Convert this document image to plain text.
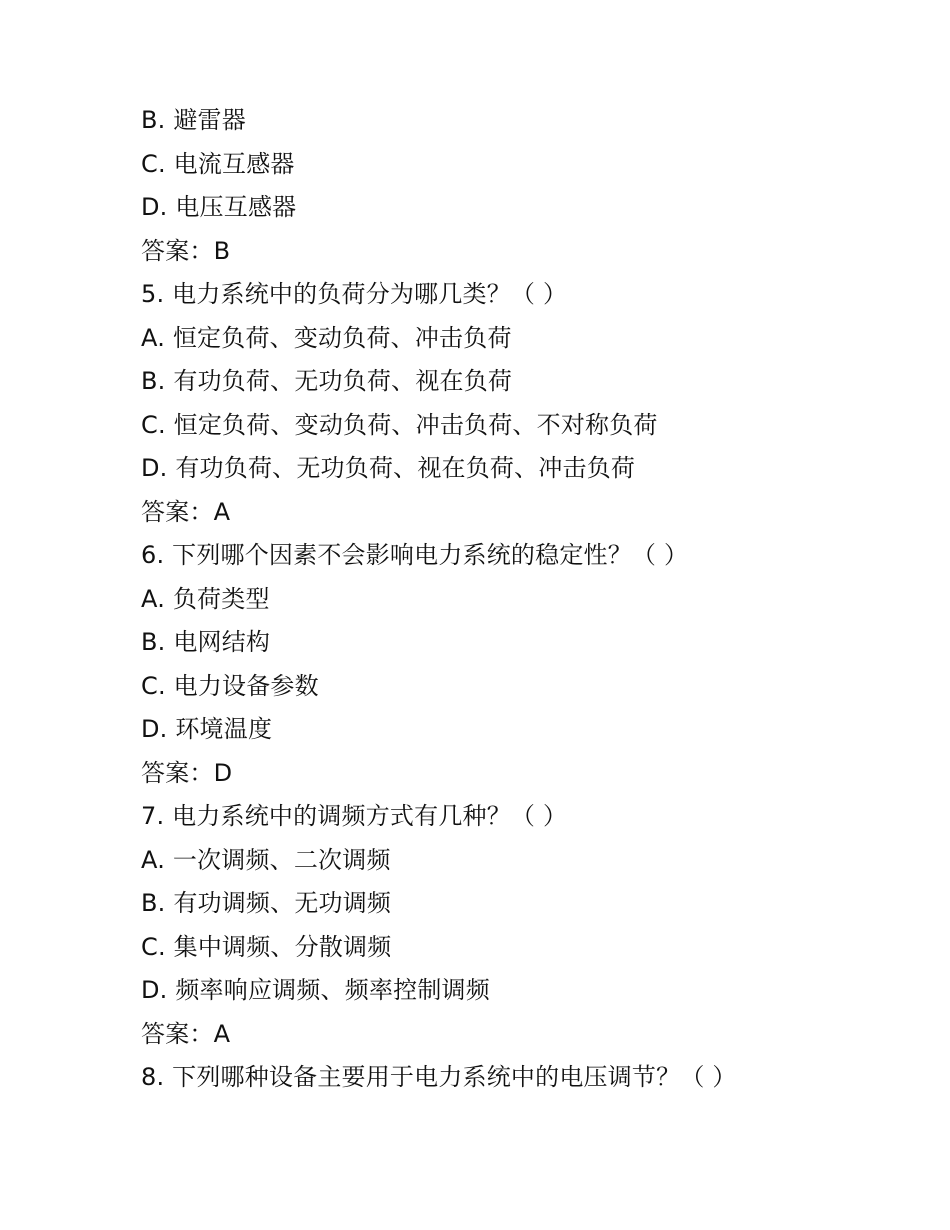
B. 避雷器
C. 电流互感器
D. 电压互感器
答案：B
5. 电力系统中的负荷分为哪几类？（ ）
A. 恒定负荷、变动负荷、冲击负荷
B. 有功负荷、无功负荷、视在负荷
C. 恒定负荷、变动负荷、冲击负荷、不对称负荷
D. 有功负荷、无功负荷、视在负荷、冲击负荷
答案：A
6. 下列哪个因素不会影响电力系统的稳定性？（ ）
A. 负荷类型
B. 电网结构
C. 电力设备参数
D. 环境温度
答案：D
7. 电力系统中的调频方式有几种？（ ）
A. 一次调频、二次调频
B. 有功调频、无功调频
C. 集中调频、分散调频
D. 频率响应调频、频率控制调频
答案：A
8. 下列哪种设备主要用于电力系统中的电压调节？（ ）
